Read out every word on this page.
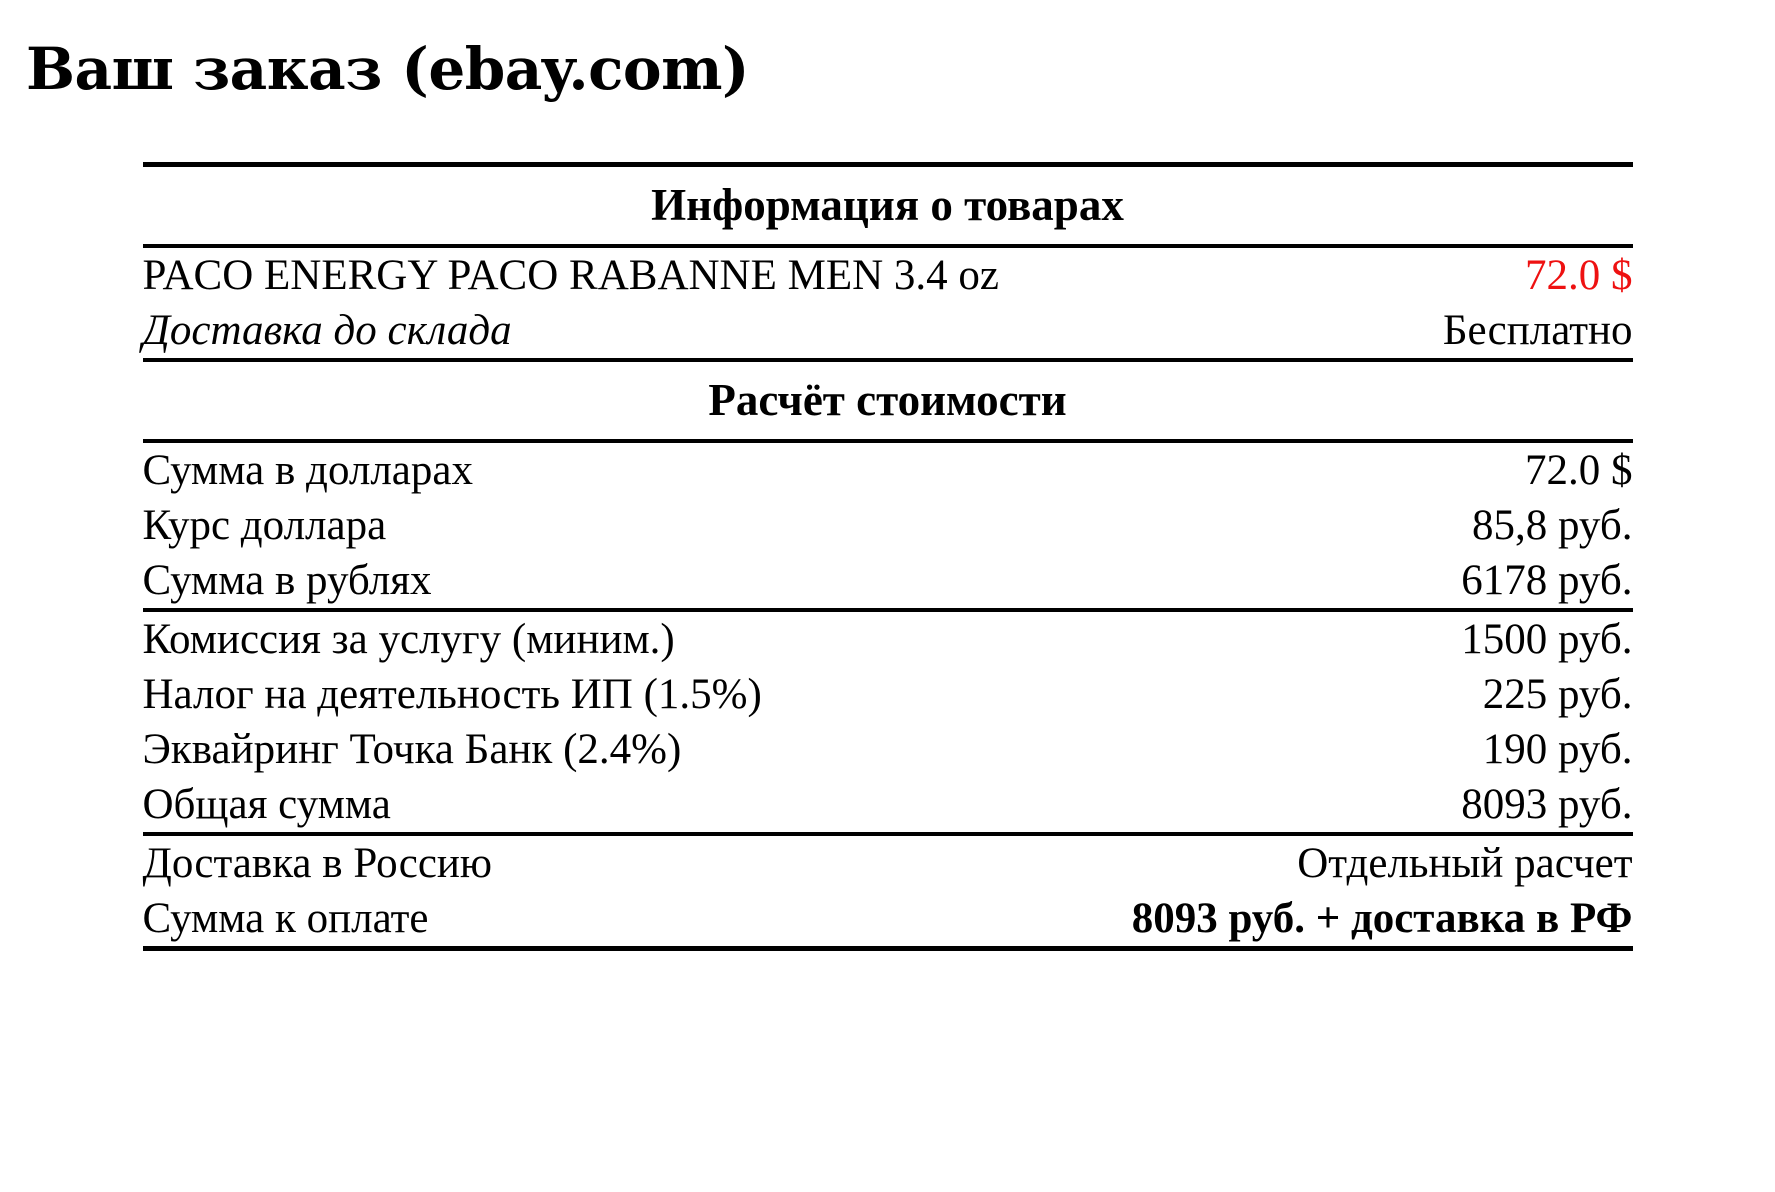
Ваш заказ (ebay.com)
Информация о товарах	
PACO ENERGY PACO RABANNE MEN 3.4 oz	72.0 $
Доставка до склада	Бесплатно
Расчёт стоимости	
Сумма в долларах	72.0 $
Курс доллара	85,8 руб.
Сумма в рублях	6178 руб.
Комиссия за услугу (миним.)	1500 руб.
Налог на деятельность ИП (1.5%)	225 руб.
Эквайринг Точка Банк (2.4%)	190 руб.
Общая сумма	8093 руб.
Доставка в Россию	Отдельный расчет
Сумма к оплате	8093 руб. + доставка в РФ
